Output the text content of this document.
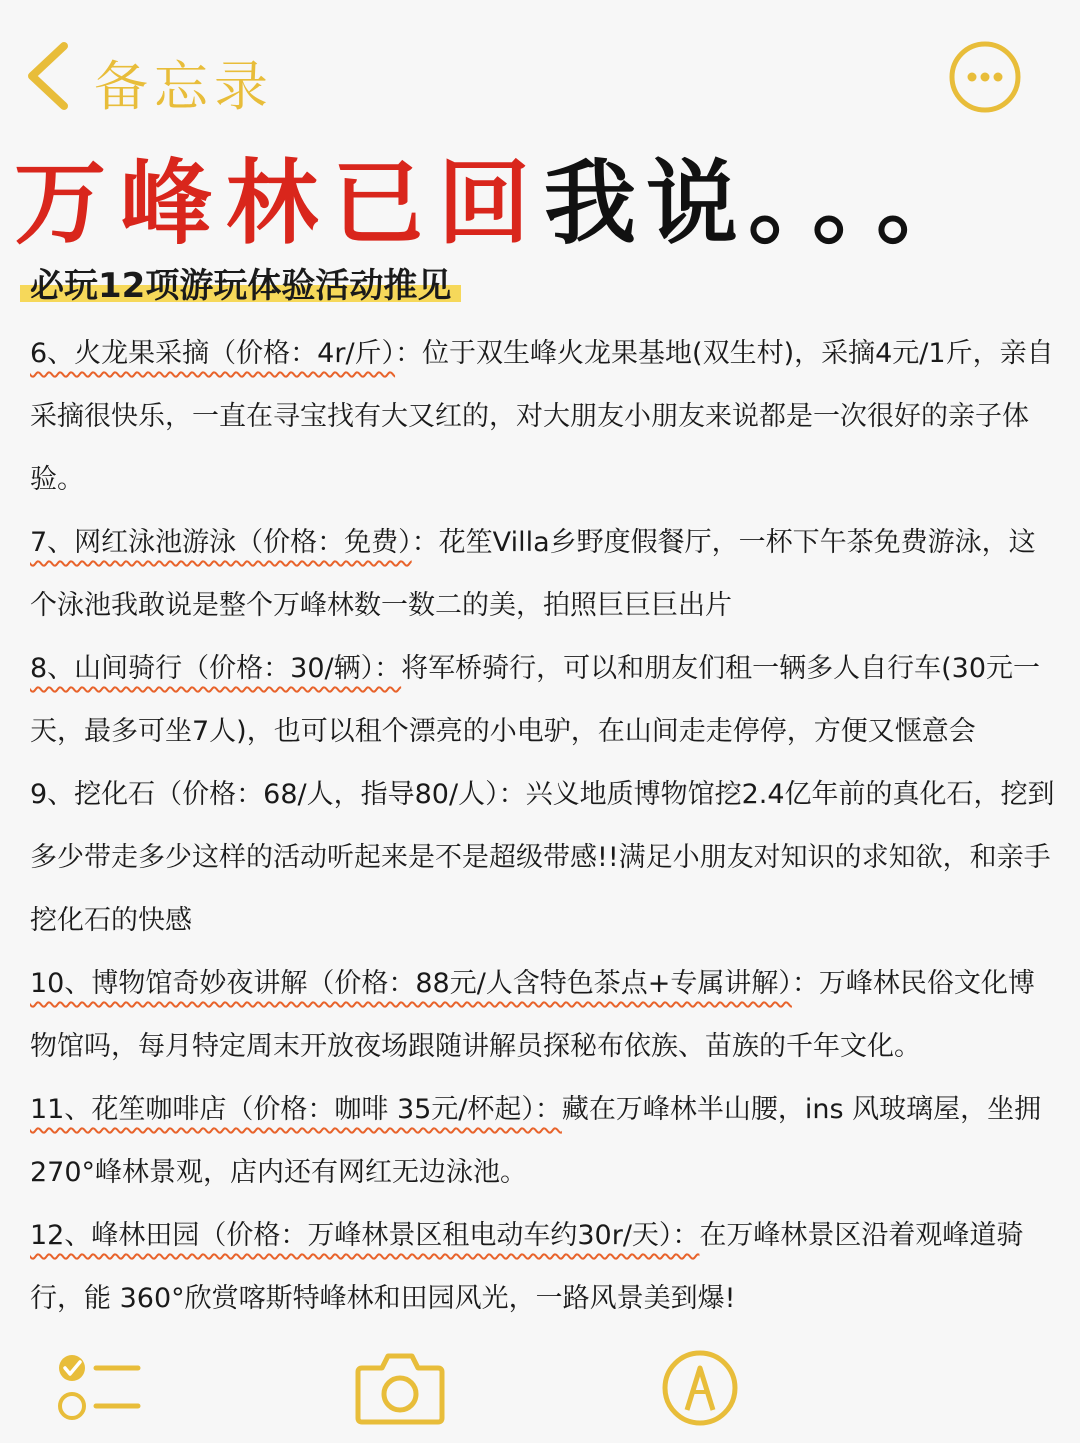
备忘录
万峰林已回我说。。。
必玩12项游玩体验活动推见

6、火龙果采摘（价格：4r/斤）：位于双生峰火龙果基地(双生村)，采摘4元/1斤，亲自采摘很快乐，一直在寻宝找有大又红的，对大朋友小朋友来说都是一次很好的亲子体验。

7、网红泳池游泳（价格：免费）：花笙Villa乡野度假餐厅，一杯下午茶免费游泳，这个泳池我敢说是整个万峰林数一数二的美，拍照巨巨巨出片

8、山间骑行（价格：30/辆）：将军桥骑行，可以和朋友们租一辆多人自行车(30元一天，最多可坐7人)，也可以租个漂亮的小电驴，在山间走走停停，方便又惬意会

9、挖化石（价格：68/人，指导80/人）：兴义地质博物馆挖2.4亿年前的真化石，挖到多少带走多少这样的活动听起来是不是超级带感!!满足小朋友对知识的求知欲，和亲手挖化石的快感

10、博物馆奇妙夜讲解（价格：88元/人含特色茶点+专属讲解）：万峰林民俗文化博物馆吗，每月特定周末开放夜场跟随讲解员探秘布依族、苗族的千年文化。

11、花笙咖啡店（价格：咖啡 35元/杯起）：藏在万峰林半山腰，ins 风玻璃屋，坐拥270°峰林景观，店内还有网红无边泳池。

12、峰林田园（价格：万峰林景区租电动车约30r/天）：在万峰林景区沿着观峰道骑行，能 360°欣赏喀斯特峰林和田园风光，一路风景美到爆!
